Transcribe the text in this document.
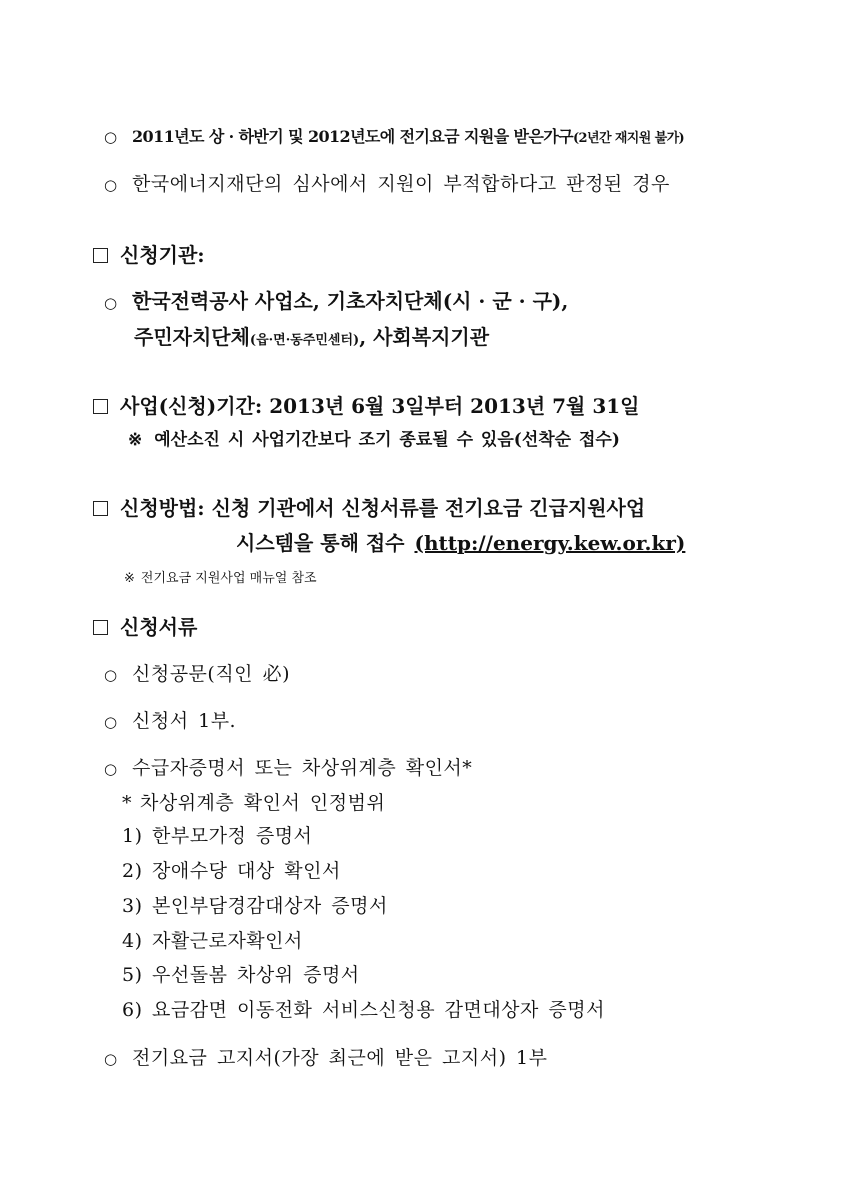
○ 2011년도 상 · 하반기 및 2012년도에 전기요금 지원을 받은가구(2년간 재지원 불가)
○ 한국에너지재단의 심사에서 지원이 부적합하다고 판정된 경우
신청기관:
○ 한국전력공사 사업소, 기초자치단체(시 · 군 · 구),
주민자치단체(읍·면·동주민센터), 사회복지기관
사업(신청)기간: 2013년 6월 3일부터 2013년 7월 31일
※ 예산소진 시 사업기간보다 조기 종료될 수 있음(선착순 접수)
신청방법: 신청 기관에서 신청서류를 전기요금 긴급지원사업
시스템을 통해 접수 (http://energy.kew.or.kr)
※ 전기요금 지원사업 매뉴얼 참조
신청서류
○ 신청공문(직인 必)
○ 신청서 1부.
○ 수급자증명서 또는 차상위계층 확인서*
* 차상위계층 확인서 인정범위
1) 한부모가정 증명서
2) 장애수당 대상 확인서
3) 본인부담경감대상자 증명서
4) 자활근로자확인서
5) 우선돌봄 차상위 증명서
6) 요금감면 이동전화 서비스신청용 감면대상자 증명서
○ 전기요금 고지서(가장 최근에 받은 고지서) 1부
